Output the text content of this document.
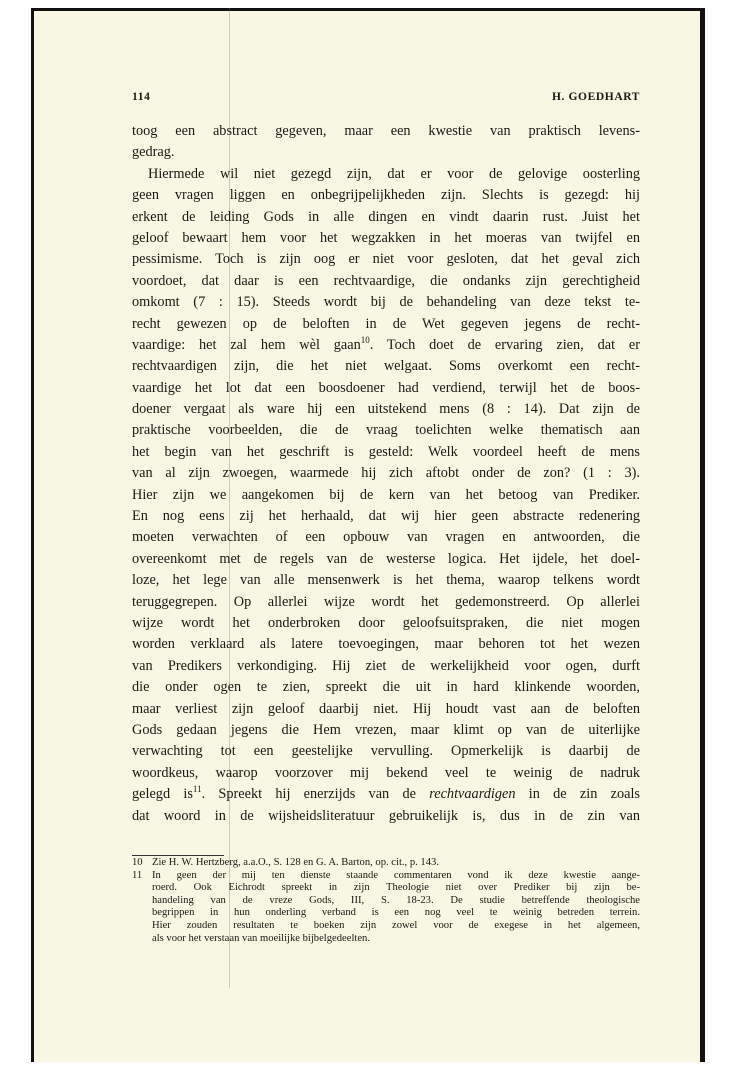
114	H. GOEDHART
toog een abstract gegeven, maar een kwestie van praktisch levens-
gedrag.
Hiermede wil niet gezegd zijn, dat er voor de gelovige oosterling
geen vragen liggen en onbegrijpelijkheden zijn. Slechts is gezegd: hij
erkent de leiding Gods in alle dingen en vindt daarin rust. Juist het
geloof bewaart hem voor het wegzakken in het moeras van twijfel en
pessimisme. Toch is zijn oog er niet voor gesloten, dat het geval zich
voordoet, dat daar is een rechtvaardige, die ondanks zijn gerechtigheid
omkomt (7 : 15). Steeds wordt bij de behandeling van deze tekst te-
recht gewezen op de beloften in de Wet gegeven jegens de recht-
vaardige: het zal hem wèl gaan$^{10}$. Toch doet de ervaring zien, dat er
rechtvaardigen zijn, die het niet welgaat. Soms overkomt een recht-
vaardige het lot dat een boosdoener had verdiend, terwijl het de boos-
doener vergaat als ware hij een uitstekend mens (8 : 14). Dat zijn de
praktische voorbeelden, die de vraag toelichten welke thematisch aan
het begin van het geschrift is gesteld: Welk voordeel heeft de mens
van al zijn zwoegen, waarmede hij zich aftobt onder de zon? (1 : 3).
Hier zijn we aangekomen bij de kern van het betoog van Prediker.
En nog eens zij het herhaald, dat wij hier geen abstracte redenering
moeten verwachten of een opbouw van vragen en antwoorden, die
overeenkomt met de regels van de westerse logica. Het ijdele, het doel-
loze, het lege van alle mensenwerk is het thema, waarop telkens wordt
teruggegrepen. Op allerlei wijze wordt het gedemonstreerd. Op allerlei
wijze wordt het onderbroken door geloofsuitspraken, die niet mogen
worden verklaard als latere toevoegingen, maar behoren tot het wezen
van Predikers verkondiging. Hij ziet de werkelijkheid voor ogen, durft
die onder ogen te zien, spreekt die uit in hard klinkende woorden,
maar verliest zijn geloof daarbij niet. Hij houdt vast aan de beloften
Gods gedaan jegens die Hem vrezen, maar klimt op van de uiterlijke
verwachting tot een geestelijke vervulling. Opmerkelijk is daarbij de
woordkeus, waarop voorzover mij bekend veel te weinig de nadruk
gelegd $is^{11}$. Spreekt hij enerzijds van de rechtvaardigen in de zin zoals
dat woord in de wijsheidsliteratuur gebruikelijk is, dus in de zin van
10 Zie H. W. Hertzberg, a.a.O., S. 128 en G. A. Barton, op. cit., p. 143.
11 In geen der mij ten dienste staande commentaren vond ik deze kwestie aange-
roerd. Ook Eichrodt spreekt in zijn Theologie niet over Prediker bij zijn be-
handeling van de vreze Gods, III, S. 18-23. De studie betreffende theologische
begrippen in hun onderling verband is een nog veel te weinig betreden terrein.
Hier zouden resultaten te boeken zijn zowel voor de exegese in het algemeen,
als voor het verstaan van moeilijke bijbelgedeelten.
